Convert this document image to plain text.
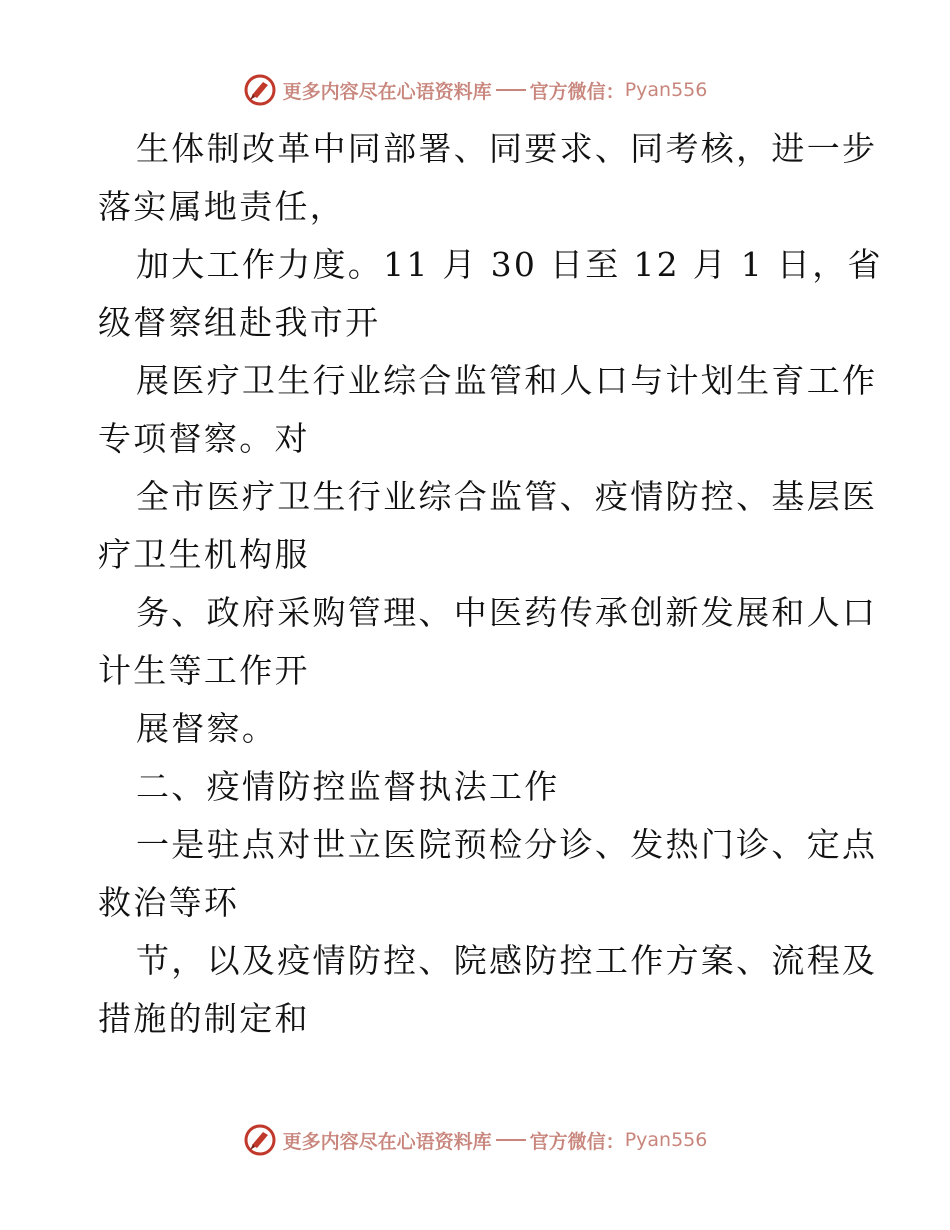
更多内容尽在心语资料库 官方微信： Pyan556
生体制改革中同部署、同要求、同考核，进一步
落实属地责任，
加大工作力度。11 月 30 日至 12 月 1 日，省
级督察组赴我市开
展医疗卫生行业综合监管和人口与计划生育工作
专项督察。对
全市医疗卫生行业综合监管、疫情防控、基层医
疗卫生机构服
务、政府采购管理、中医药传承创新发展和人口
计生等工作开
展督察。
二、疫情防控监督执法工作
一是驻点对世立医院预检分诊、发热门诊、定点
救治等环
节，以及疫情防控、院感防控工作方案、流程及
措施的制定和
更多内容尽在心语资料库 官方微信： Pyan556
